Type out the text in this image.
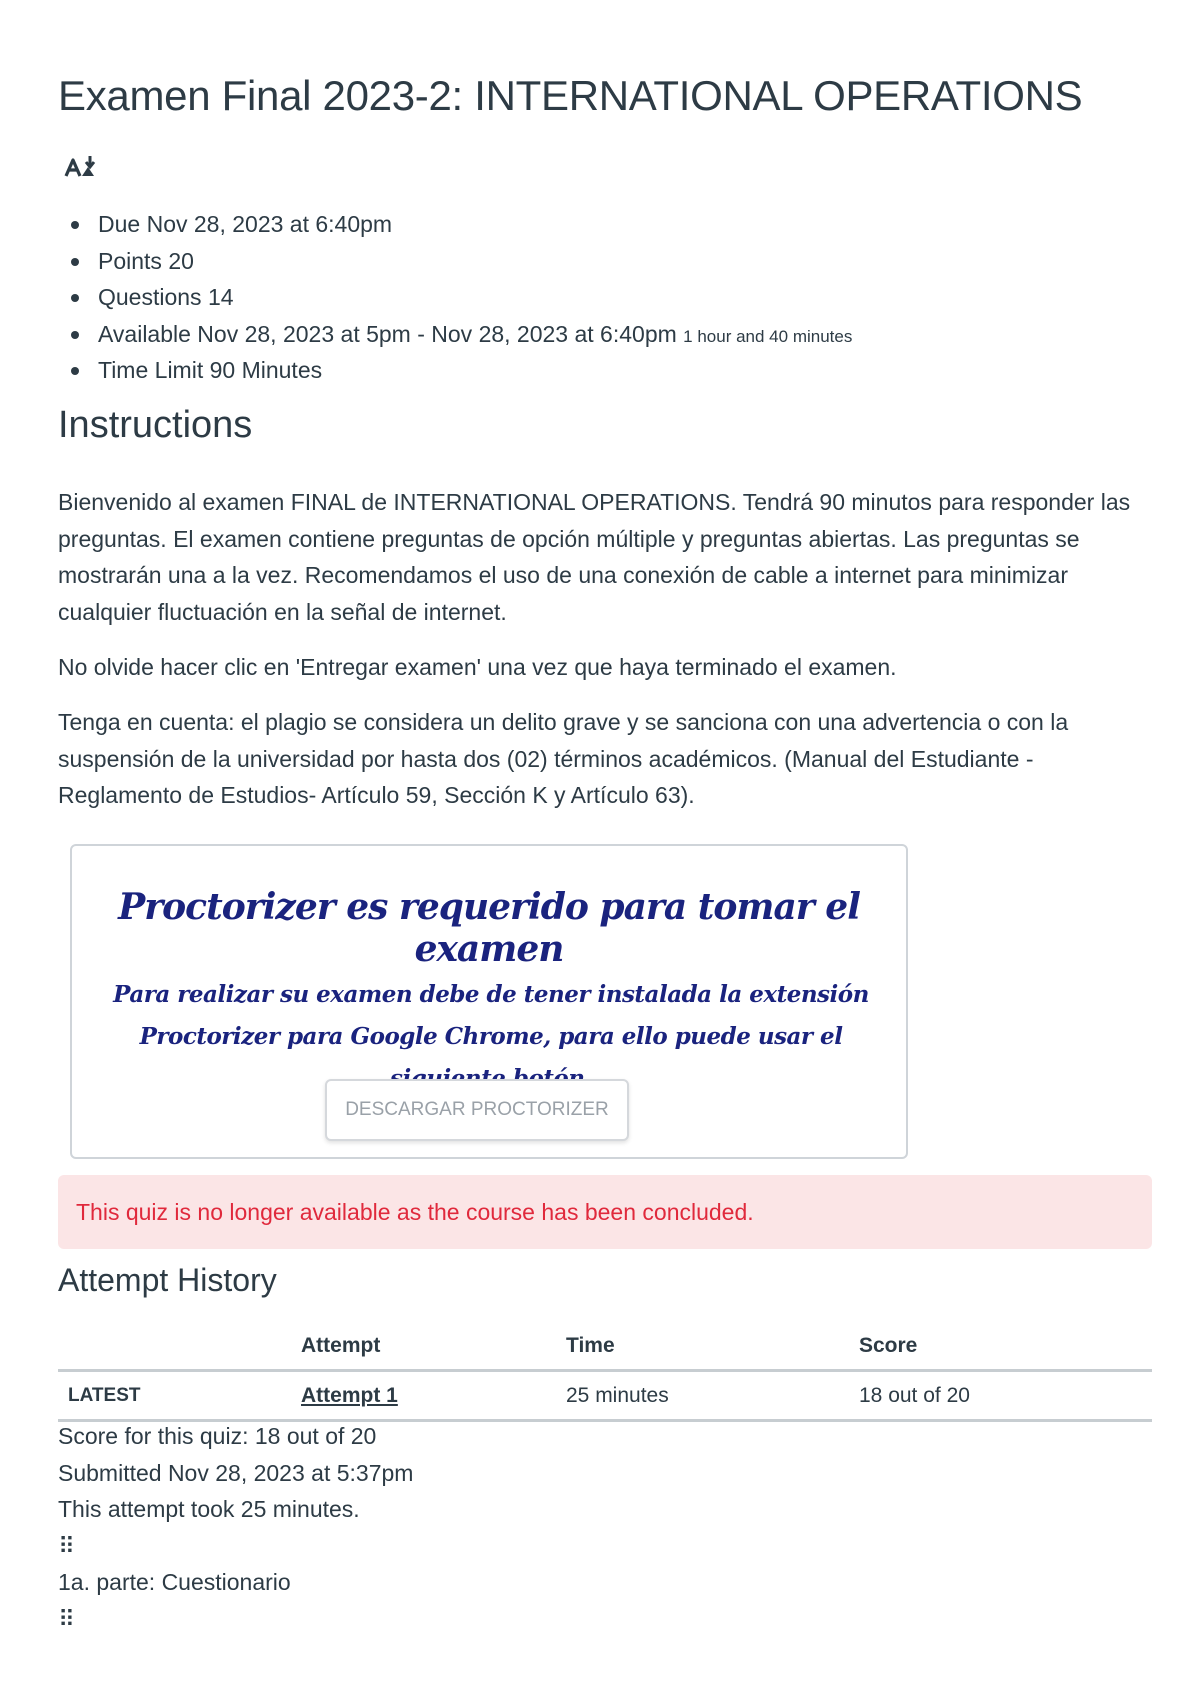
Examen Final 2023-2: INTERNATIONAL OPERATIONS
Due Nov 28, 2023 at 6:40pm
Points 20
Questions 14
Available Nov 28, 2023 at 5pm - Nov 28, 2023 at 6:40pm 1 hour and 40 minutes
Time Limit 90 Minutes
Instructions

Bienvenido al examen FINAL de INTERNATIONAL OPERATIONS. Tendrá 90 minutos para responder las preguntas. El examen contiene preguntas de opción múltiple y preguntas abiertas. Las preguntas se mostrarán una a la vez. Recomendamos el uso de una conexión de cable a internet para minimizar cualquier fluctuación en la señal de internet.

No olvide hacer clic en 'Entregar examen' una vez que haya terminado el examen.

Tenga en cuenta: el plagio se considera un delito grave y se sanciona con una advertencia o con la suspensión de la universidad por hasta dos (02) términos académicos. (Manual del Estudiante - Reglamento de Estudios- Artículo 59, Sección K y Artículo 63).

Proctorizer es requerido para tomar el examen

Para realizar su examen debe de tener instalada la extensión Proctorizer para Google Chrome, para ello puede usar el

DESCARGAR PROCTORIZER
This quiz is no longer available as the course has been concluded.
Attempt History
	Attempt	Time	Score
LATEST	Attempt 1	25 minutes	18 out of 20
Score for this quiz: 18 out of 20
Submitted Nov 28, 2023 at 5:37pm
This attempt took 25 minutes.
⠿
1a. parte: Cuestionario
⠿
